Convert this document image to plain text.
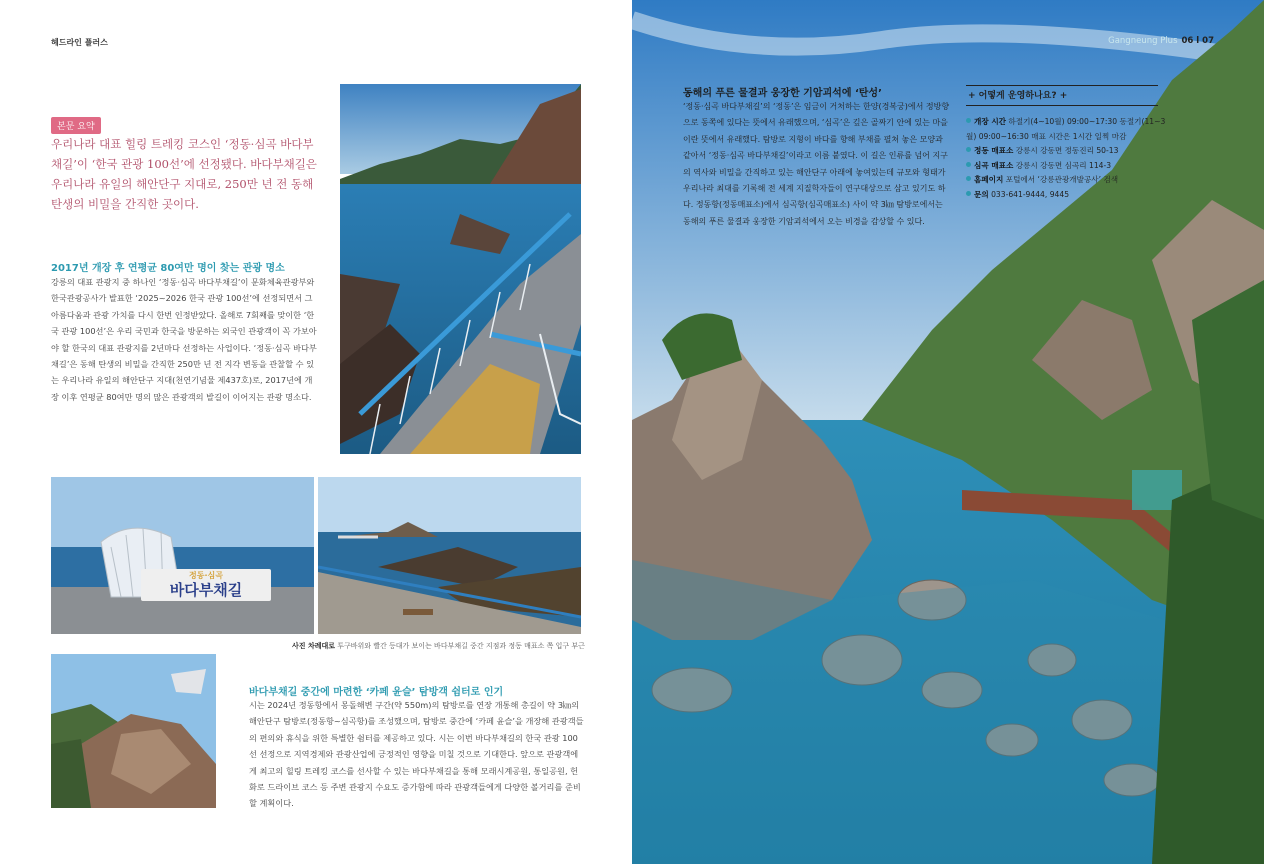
헤드라인 플러스
본문 요약
우리나라 대표 힐링 트레킹 코스인 ‘정동·심곡 바다부채길’이 ‘한국 관광 100선’에 선정됐다. 바다부채길은 우리나라 유일의 해안단구 지대로, 250만 년 전 동해 탄생의 비밀을 간직한 곳이다.
2017년 개장 후 연평균 80여만 명이 찾는 관광 명소
강릉의 대표 관광지 중 하나인 ‘정동·심곡 바다부채길’이 문화체육관광부와 한국관광공사가 발표한 ‘2025~2026 한국 관광 100선’에 선정되면서 그 아름다움과 관광 가치를 다시 한번 인정받았다. 올해로 7회째를 맞이한 ‘한국 관광 100선’은 우리 국민과 한국을 방문하는 외국인 관광객이 꼭 가보아야 할 한국의 대표 관광지를 2년마다 선정하는 사업이다. ‘정동·심곡 바다부채길’은 동해 탄생의 비밀을 간직한 250만 년 전 지각 변동을 관찰할 수 있는 우리나라 유일의 해안단구 지대(천연기념물 제437호)로, 2017년에 개장 이후 연평균 80여만 명의 많은 관광객의 발길이 이어지는 관광 명소다.
정동·심곡
바다부채길
사진 차례대로 투구바위와 빨간 등대가 보이는 바다부채길 중간 지점과 정동 매표소 쪽 입구 부근
바다부채길 중간에 마련한 ‘카페 윤슬’ 탐방객 쉼터로 인기
시는 2024년 정동항에서 몽돌해변 구간(약 550m)의 탐방로를 연장 개통해 총길이 약 3㎞의 해안단구 탐방로(정동항~심곡항)를 조성했으며, 탐방로 중간에 ‘카페 윤슬’을 개장해 관광객들의 편의와 휴식을 위한 특별한 쉼터를 제공하고 있다. 시는 이번 바다부채길의 한국 관광 100선 선정으로 지역경제와 관광산업에 긍정적인 영향을 미칠 것으로 기대한다. 앞으로 관광객에게 최고의 힐링 트레킹 코스를 선사할 수 있는 바다부채길을 통해 모래시계공원, 통일공원, 헌화로 드라이브 코스 등 주변 관광지 수요도 증가함에 따라 관광객들에게 다양한 볼거리를 준비할 계획이다.
Gangneung Plus 06 l 07
동해의 푸른 물결과 웅장한 기암괴석에 ‘탄성’
‘정동·심곡 바다부채길’의 ‘정동’은 임금이 거처하는 한양(경복궁)에서 정방향으로 동쪽에 있다는 뜻에서 유래했으며, ‘심곡’은 깊은 골짜기 안에 있는 마을이란 뜻에서 유래했다. 탐방로 지형이 바다를 향해 부채를 펼쳐 놓은 모양과 같아서 ‘정동·심곡 바다부채길’이라고 이름 붙였다. 이 길은 인류를 넘어 지구의 역사와 비밀을 간직하고 있는 해안단구 아래에 놓여있는데 규모와 형태가 우리나라 최대를 기록해 전 세계 지질학자들이 연구대상으로 삼고 있기도 하다. 정동항(정동매표소)에서 심곡항(심곡매표소) 사이 약 3㎞ 탐방로에서는 동해의 푸른 물결과 웅장한 기암괴석에서 오는 비경을 감상할 수 있다.
+ 어떻게 운영하나요? +
개장 시간 하절기(4~10월) 09:00~17:30 동절기(11~3월) 09:00~16:30 매표 시간은 1시간 일찍 마감
정동 매표소 강릉시 강동면 정동진리 50-13
심곡 매표소 강릉시 강동면 심곡리 114-3
홈페이지 포털에서 ‘강릉관광개발공사’ 검색
문의 033-641-9444, 9445
